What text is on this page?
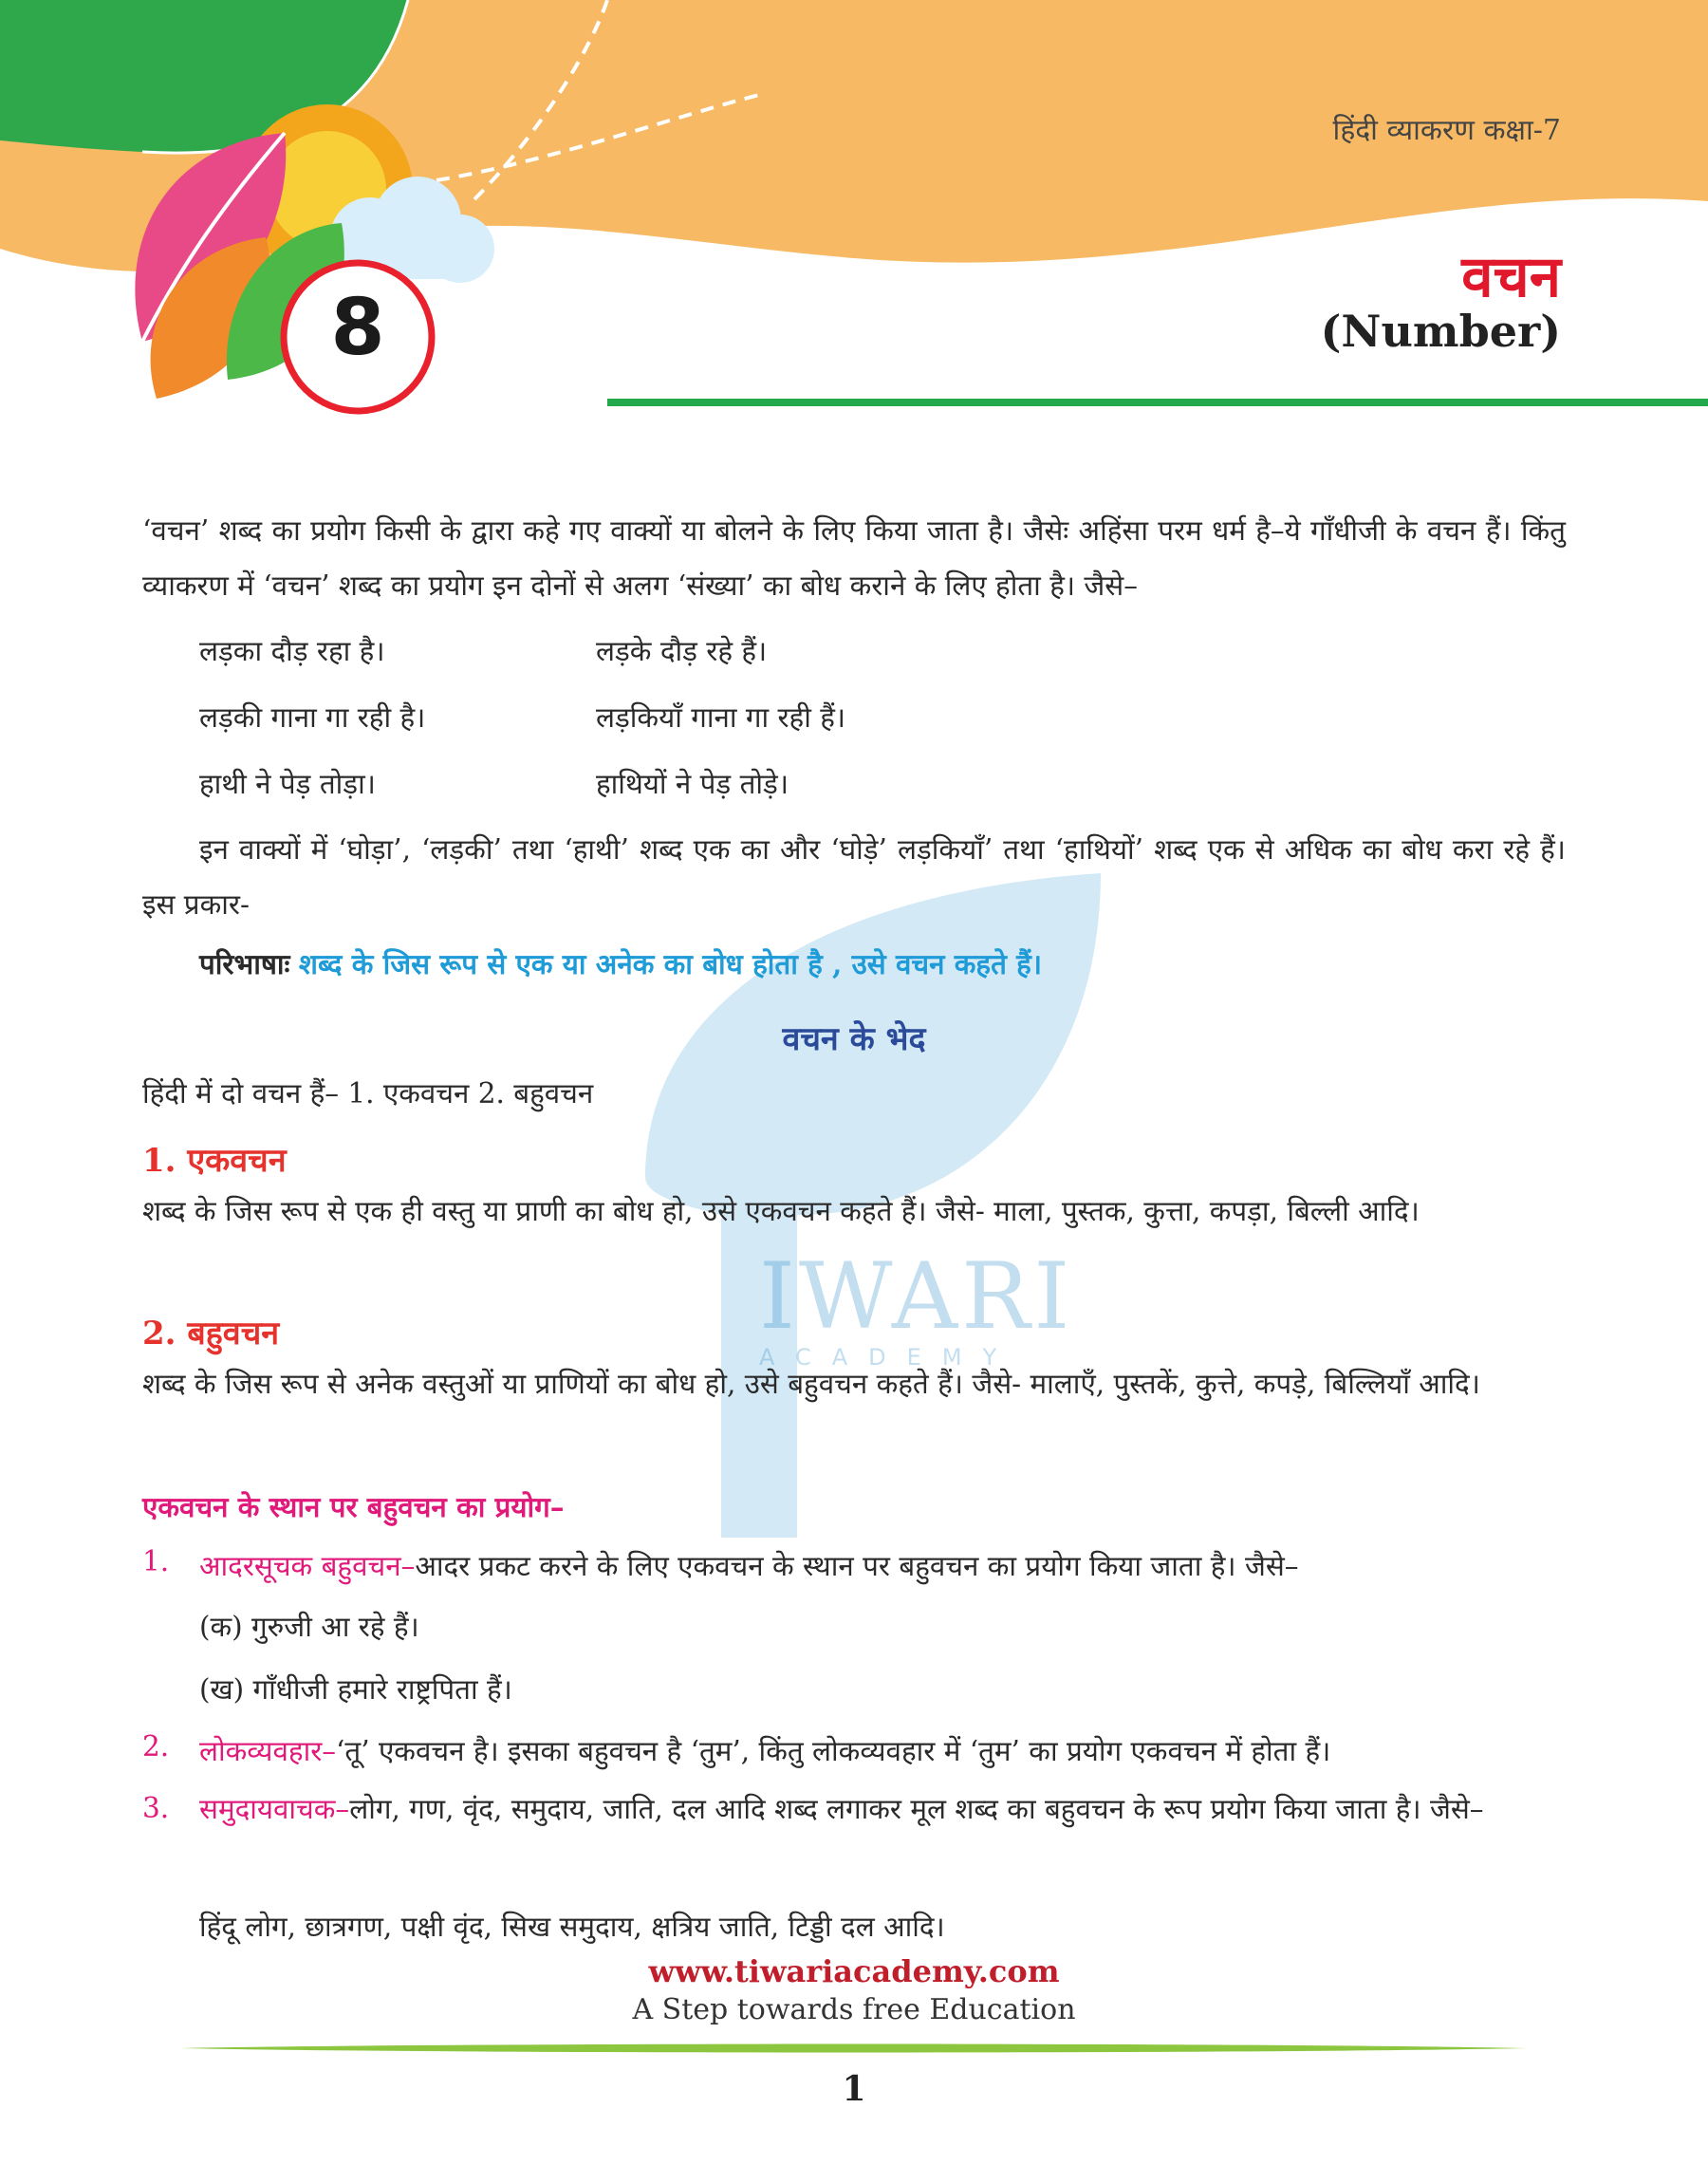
हिंदी व्याकरण कक्षा-7
8
वचन
(Number)
IWARI
ACADEMY
‘वचन’ शब्द का प्रयोग किसी के द्वारा कहे गए वाक्यों या बोलने के लिए किया जाता है। जैसेः अहिंसा परम धर्म है–ये गाँधीजी के वचन हैं। किंतु व्याकरण में ‘वचन’ शब्द का प्रयोग इन दोनों से अलग ‘संख्या’ का बोध कराने के लिए होता है। जैसे–
लड़का दौड़ रहा है।	लड़के दौड़ रहे हैं।
लड़की गाना गा रही है।	लड़कियाँ गाना गा रही हैं।
हाथी ने पेड़ तोड़ा।	हाथियों ने पेड़ तोड़े।
इन वाक्यों में ‘घोड़ा’, ‘लड़की’ तथा ‘हाथी’ शब्द एक का और ‘घोड़े’ लड़कियाँ’ तथा ‘हाथियों’ शब्द एक से अधिक का बोध करा रहे हैं। इस प्रकार-
परिभाषाः शब्द के जिस रूप से एक या अनेक का बोध होता है , उसे वचन कहते हैं।
वचन के भेद
हिंदी में दो वचन हैं– 1. एकवचन 2. बहुवचन
1. एकवचन
शब्द के जिस रूप से एक ही वस्तु या प्राणी का बोध हो, उसे एकवचन कहते हैं। जैसे- माला, पुस्तक, कुत्ता, कपड़ा, बिल्ली आदि।
2. बहुवचन
शब्द के जिस रूप से अनेक वस्तुओं या प्राणियों का बोध हो, उसे बहुवचन कहते हैं। जैसे- मालाएँ, पुस्तकें, कुत्ते, कपड़े, बिल्लियाँ आदि।
एकवचन के स्थान पर बहुवचन का प्रयोग–
1. आदरसूचक बहुवचन–आदर प्रकट करने के लिए एकवचन के स्थान पर बहुवचन का प्रयोग किया जाता है। जैसे–
(क) गुरुजी आ रहे हैं।
(ख) गाँधीजी हमारे राष्ट्रपिता हैं।
2. लोकव्यवहार–‘तू’ एकवचन है। इसका बहुवचन है ‘तुम’, किंतु लोकव्यवहार में ‘तुम’ का प्रयोग एकवचन में होता हैं।
3. समुदायवाचक–लोग, गण, वृंद, समुदाय, जाति, दल आदि शब्द लगाकर मूल शब्द का बहुवचन के रूप प्रयोग किया जाता है। जैसे–
हिंदू लोग, छात्रगण, पक्षी वृंद, सिख समुदाय, क्षत्रिय जाति, टिड्डी दल आदि।
www.tiwariacademy.com
A Step towards free Education
1
